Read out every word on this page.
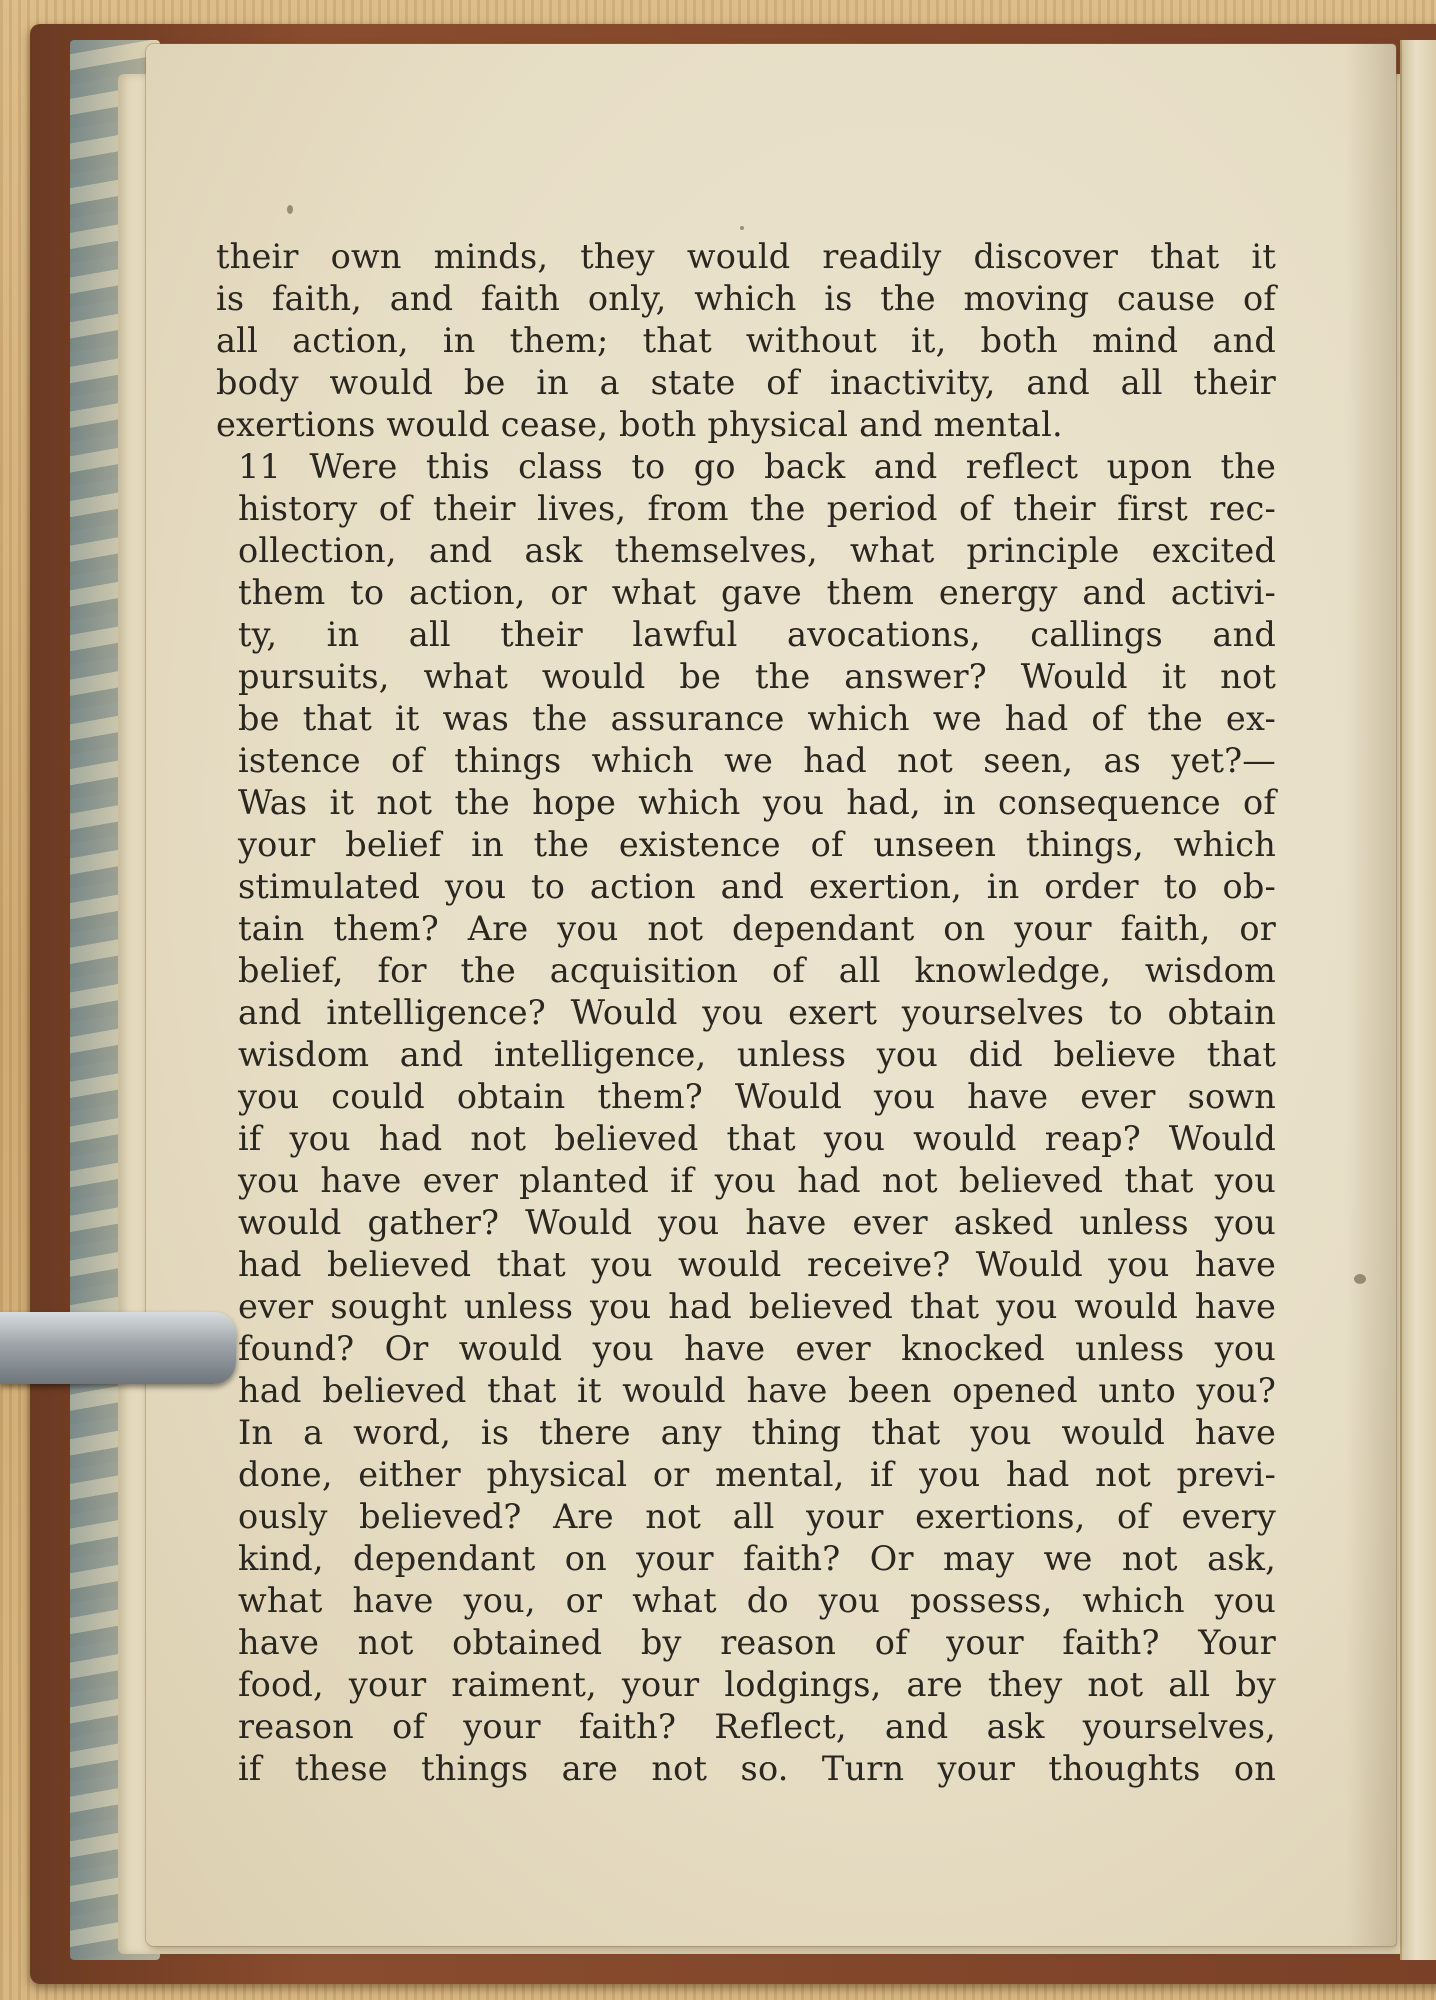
their own minds, they would readily discover that it
is faith, and faith only, which is the moving cause of
all action, in them; that without it, both mind and
body would be in a state of inactivity, and all their
exertions would cease, both physical and mental.

11 Were this class to go back and reflect upon the
history of their lives, from the period of their first rec-
ollection, and ask themselves, what principle excited
them to action, or what gave them energy and activi-
ty, in all their lawful avocations, callings and
pursuits, what would be the answer? Would it not
be that it was the assurance which we had of the ex-
istence of things which we had not seen, as yet?—
Was it not the hope which you had, in consequence of
your belief in the existence of unseen things, which
stimulated you to action and exertion, in order to ob-
tain them? Are you not dependant on your faith, or
belief, for the acquisition of all knowledge, wisdom
and intelligence? Would you exert yourselves to obtain
wisdom and intelligence, unless you did believe that
you could obtain them? Would you have ever sown
if you had not believed that you would reap? Would
you have ever planted if you had not believed that you
would gather? Would you have ever asked unless you
had believed that you would receive? Would you have
ever sought unless you had believed that you would have
found? Or would you have ever knocked unless you
had believed that it would have been opened unto you?
In a word, is there any thing that you would have
done, either physical or mental, if you had not previ-
ously believed? Are not all your exertions, of every
kind, dependant on your faith? Or may we not ask,
what have you, or what do you possess, which you
have not obtained by reason of your faith? Your
food, your raiment, your lodgings, are they not all by
reason of your faith? Reflect, and ask yourselves,
if these things are not so. Turn your thoughts on
